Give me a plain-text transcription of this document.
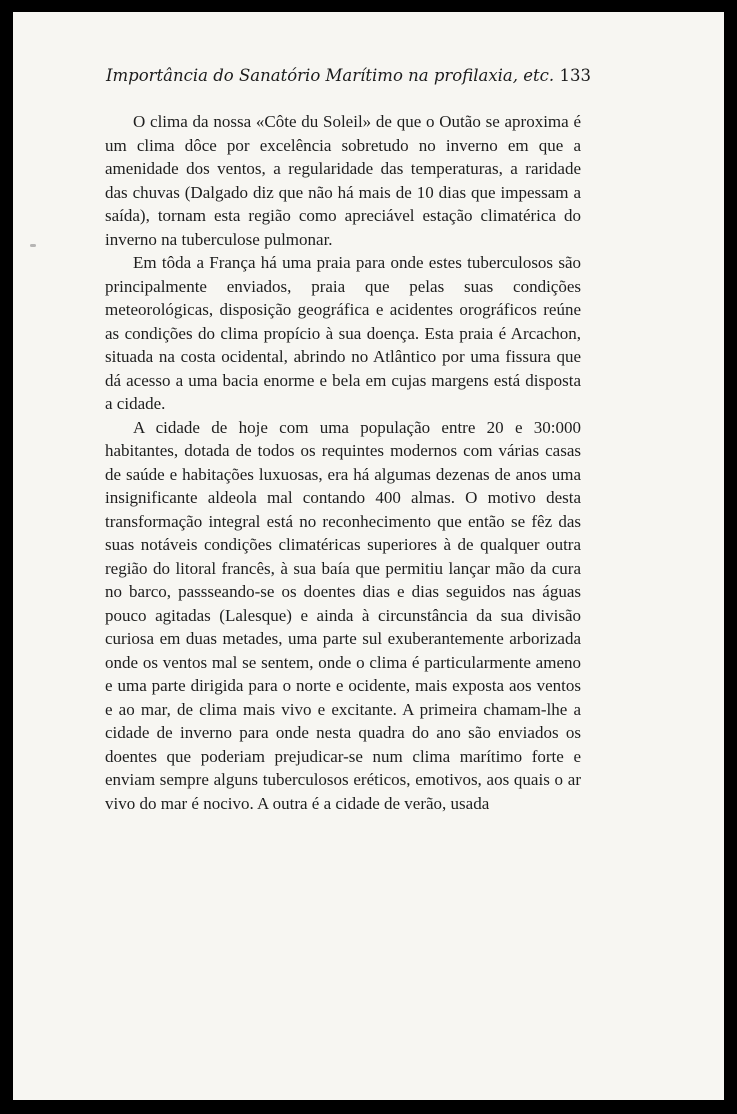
Importância do Sanatório Marítimo na profilaxia, etc. 133

O clima da nossa «Côte du Soleil» de que o Outão se aproxima é um clima dôce por excelência sobretudo no inverno em que a amenidade dos ventos, a regularidade das temperaturas, a raridade das chuvas (Dalgado diz que não há mais de 10 dias que impessam a saída), tornam esta região como apreciável estação climatérica do inverno na tuberculose pulmonar.

Em tôda a França há uma praia para onde estes tuberculosos são principalmente enviados, praia que pelas suas condições meteorológicas, disposição geográfica e acidentes orográficos reúne as condições do clima propício à sua doença. Esta praia é Arcachon, situada na costa ocidental, abrindo no Atlântico por uma fissura que dá acesso a uma bacia enorme e bela em cujas margens está disposta a cidade.

A cidade de hoje com uma população entre 20 e 30:000 habitantes, dotada de todos os requintes modernos com várias casas de saúde e habitações luxuosas, era há algumas dezenas de anos uma insignificante aldeola mal contando 400 almas. O motivo desta transformação integral está no reconhecimento que então se fêz das suas notáveis condições climatéricas superiores à de qualquer outra região do litoral francês, à sua baía que permitiu lançar mão da cura no barco, passseando-se os doentes dias e dias seguidos nas águas pouco agitadas (Lalesque) e ainda à circunstância da sua divisão curiosa em duas metades, uma parte sul exuberantemente arborizada onde os ventos mal se sentem, onde o clima é particularmente ameno e uma parte dirigida para o norte e ocidente, mais exposta aos ventos e ao mar, de clima mais vivo e excitante. A primeira chamam-lhe a cidade de inverno para onde nesta quadra do ano são enviados os doentes que poderiam prejudicar-se num clima marítimo forte e enviam sempre alguns tuberculosos eréticos, emotivos, aos quais o ar vivo do mar é nocivo. A outra é a cidade de verão, usada
